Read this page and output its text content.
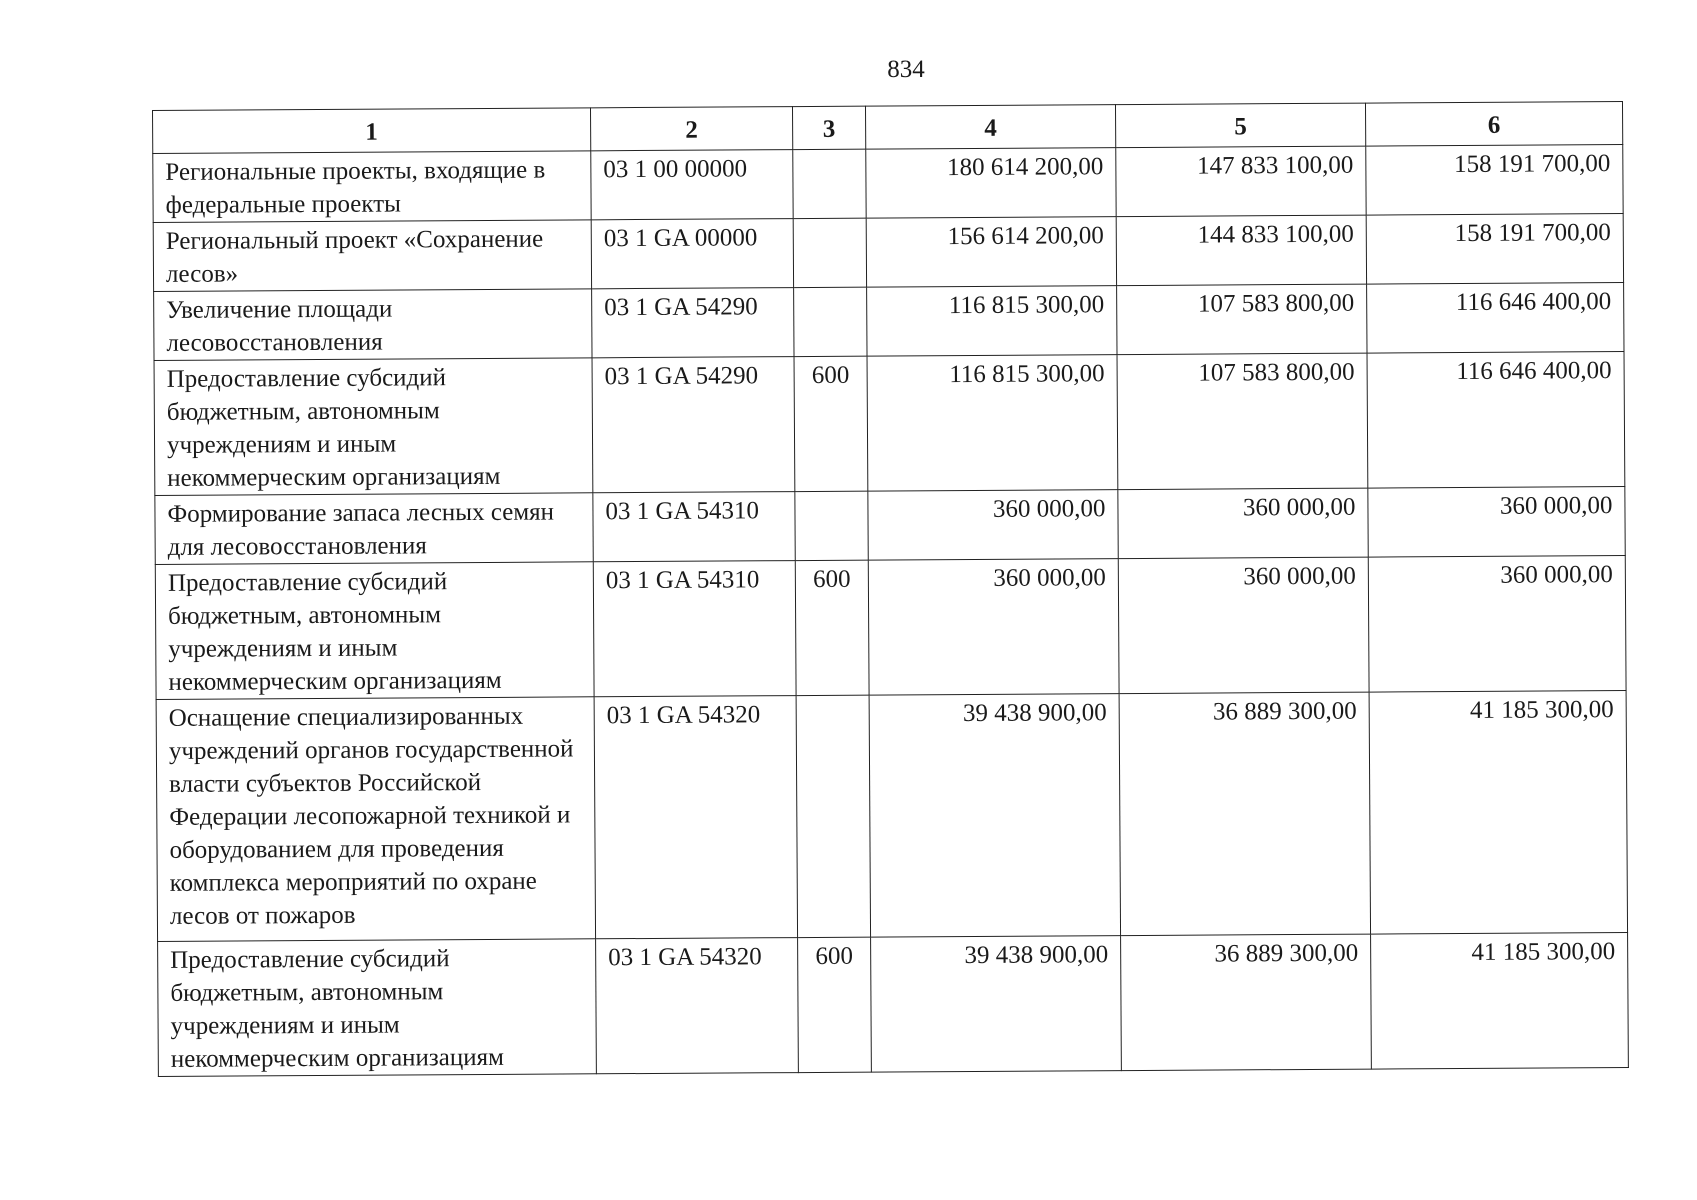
834
1	2	3	4	5	6
Региональные проекты, входящие в федеральные проекты	03 1 00 00000		180 614 200,00	147 833 100,00	158 191 700,00
Региональный проект «Сохранение лесов»	03 1 GA 00000		156 614 200,00	144 833 100,00	158 191 700,00
Увеличение площади лесовосстановления	03 1 GA 54290		116 815 300,00	107 583 800,00	116 646 400,00
Предоставление субсидий бюджетным, автономным учреждениям и иным некоммерческим организациям	03 1 GA 54290	600	116 815 300,00	107 583 800,00	116 646 400,00
Формирование запаса лесных семян для лесовосстановления	03 1 GA 54310		360 000,00	360 000,00	360 000,00
Предоставление субсидий бюджетным, автономным учреждениям и иным некоммерческим организациям	03 1 GA 54310	600	360 000,00	360 000,00	360 000,00
Оснащение специализированных учреждений органов государственной власти субъектов Российской Федерации лесопожарной техникой и оборудованием для проведения комплекса мероприятий по охране лесов от пожаров	03 1 GA 54320		39 438 900,00	36 889 300,00	41 185 300,00
Предоставление субсидий бюджетным, автономным учреждениям и иным некоммерческим организациям	03 1 GA 54320	600	39 438 900,00	36 889 300,00	41 185 300,00
